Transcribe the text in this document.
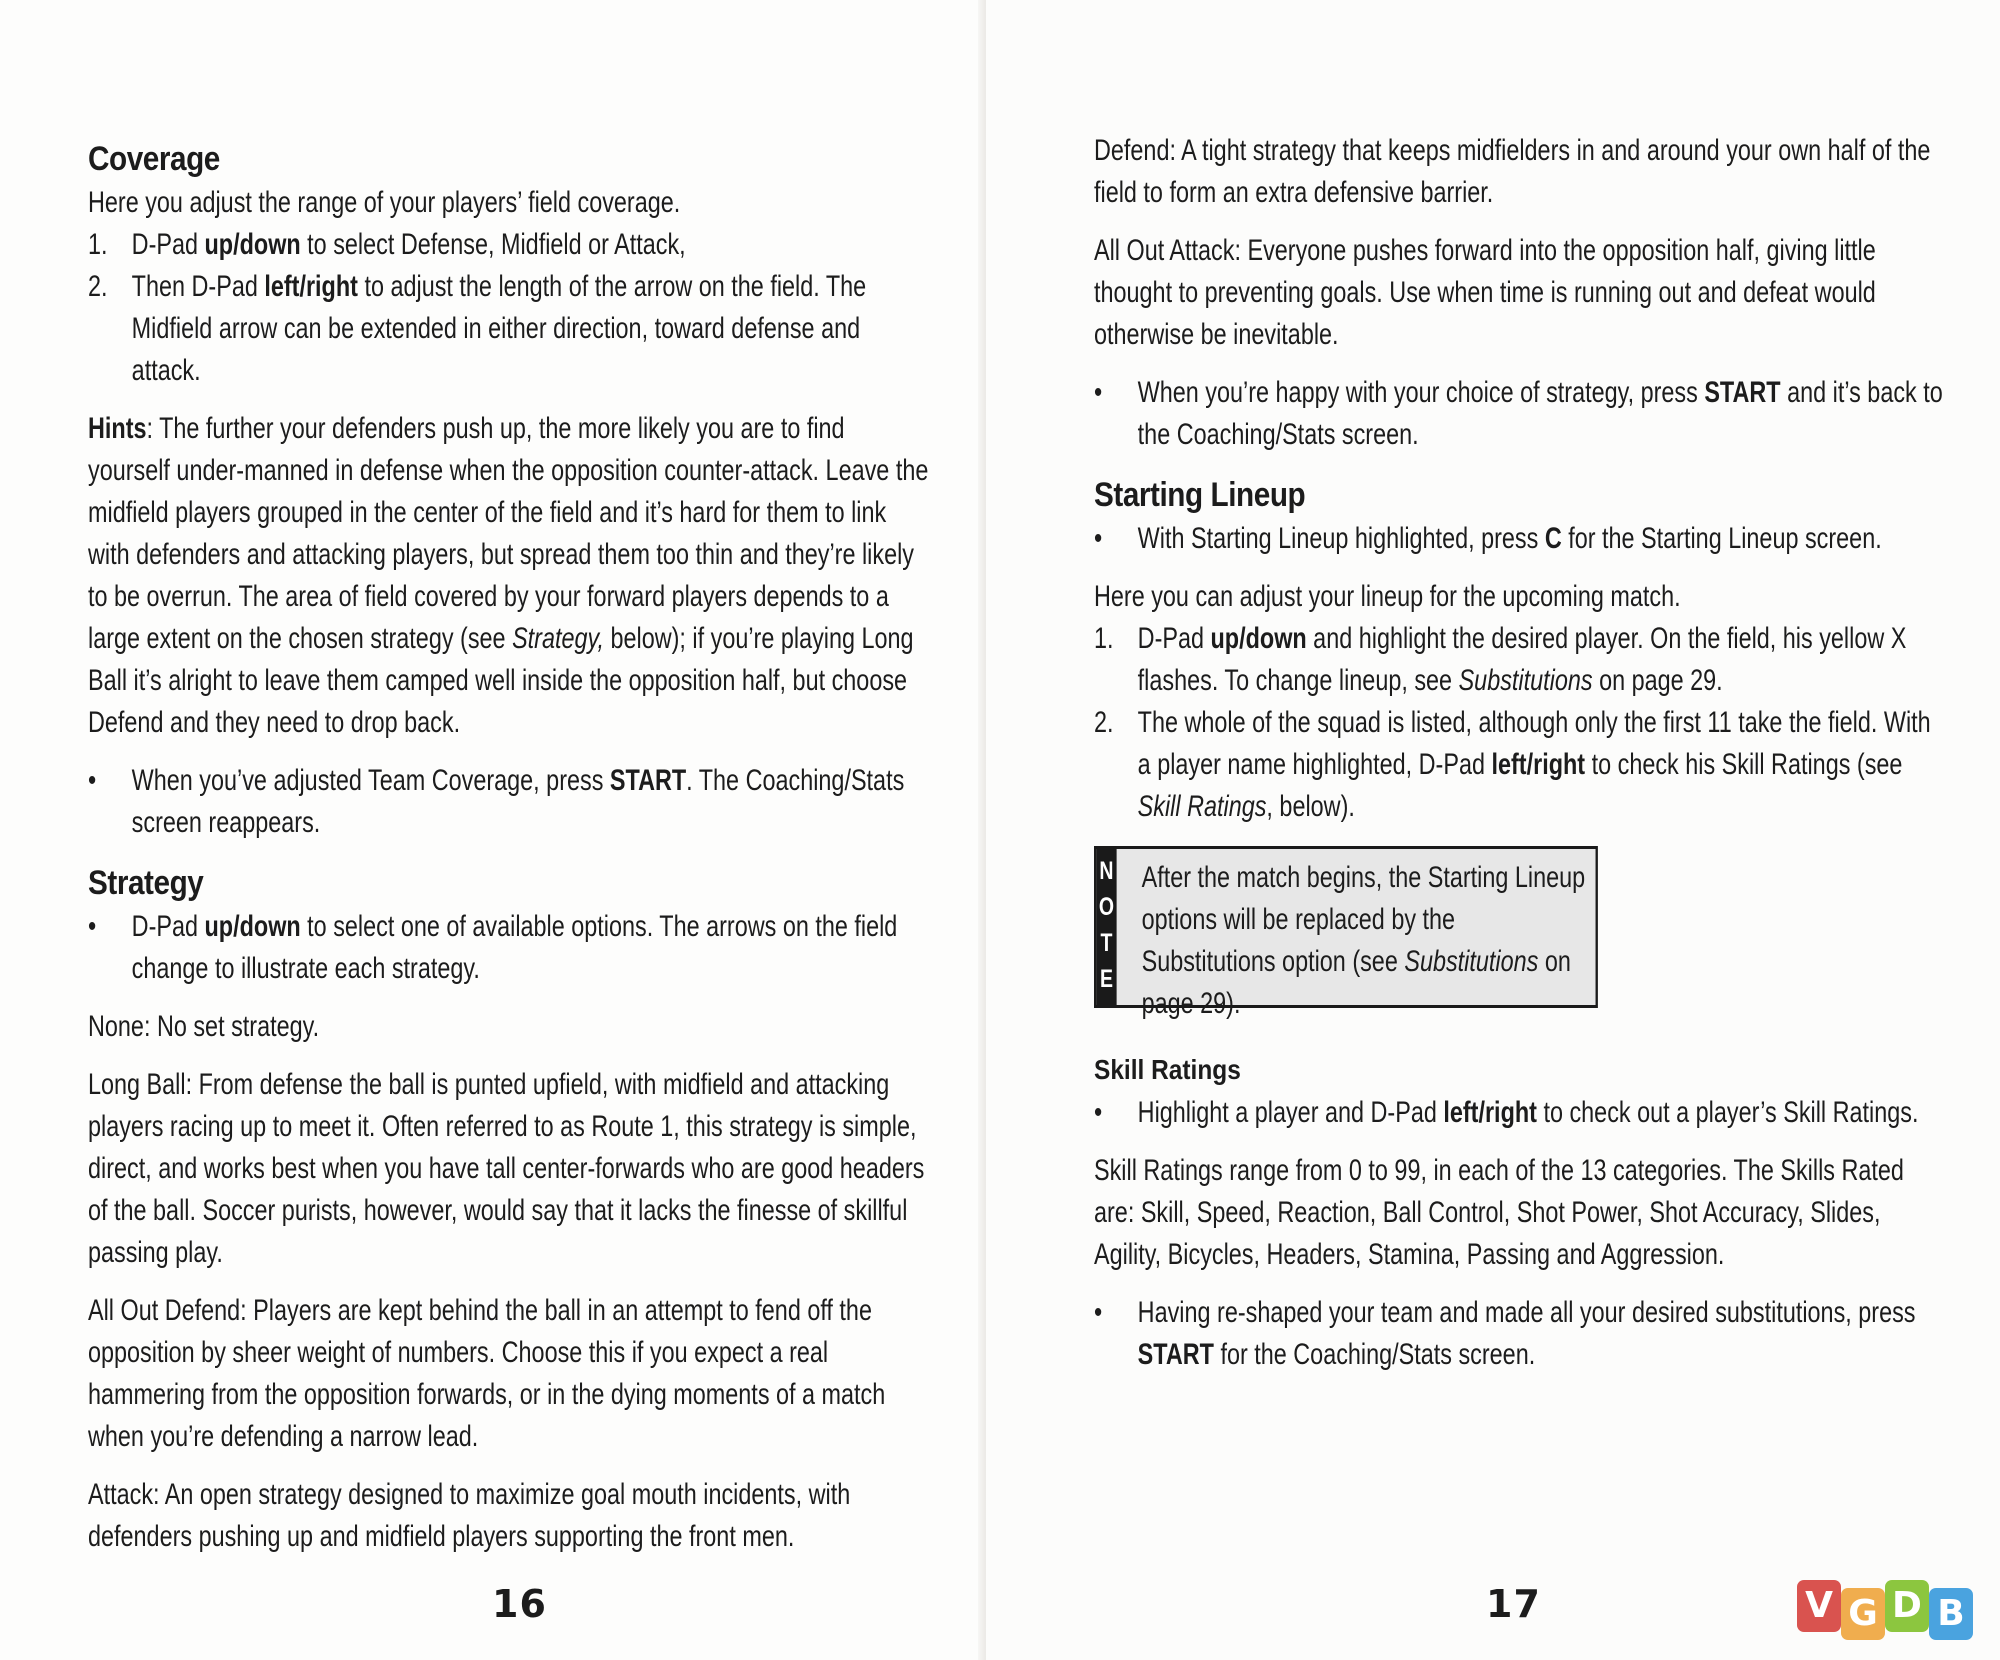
Coverage

Here you adjust the range of your players’ field coverage.

1. D-Pad up/down to select Defense, Midfield or Attack,
2. Then D-Pad left/right to adjust the length of the arrow on the field. The Midfield arrow can be extended in either direction, toward defense and attack.

Hints: The further your defenders push up, the more likely you are to find yourself under-manned in defense when the opposition counter-attack. Leave the midfield players grouped in the center of the field and it’s hard for them to link with defenders and attacking players, but spread them too thin and they’re likely to be overrun. The area of field covered by your forward players depends to a large extent on the chosen strategy (see Strategy, below); if you’re playing Long Ball it’s alright to leave them camped well inside the opposition half, but choose Defend and they need to drop back.

• When you’ve adjusted Team Coverage, press START. The Coaching/Stats screen reappears.
Strategy
• D-Pad up/down to select one of available options. The arrows on the field change to illustrate each strategy.

None: No set strategy.

Long Ball: From defense the ball is punted upfield, with midfield and attacking players racing up to meet it. Often referred to as Route 1, this strategy is simple, direct, and works best when you have tall center-forwards who are good headers of the ball. Soccer purists, however, would say that it lacks the finesse of skillful passing play.

All Out Defend: Players are kept behind the ball in an attempt to fend off the opposition by sheer weight of numbers. Choose this if you expect a real hammering from the opposition forwards, or in the dying moments of a match when you’re defending a narrow lead.

Attack: An open strategy designed to maximize goal mouth incidents, with defenders pushing up and midfield players supporting the front men.

16

Defend: A tight strategy that keeps midfielders in and around your own half of the field to form an extra defensive barrier.

All Out Attack: Everyone pushes forward into the opposition half, giving little thought to preventing goals. Use when time is running out and defeat would otherwise be inevitable.

• When you’re happy with your choice of strategy, press START and it’s back to the Coaching/Stats screen.
Starting Lineup
• With Starting Lineup highlighted, press C for the Starting Lineup screen.

Here you can adjust your lineup for the upcoming match.

1. D-Pad up/down and highlight the desired player. On the field, his yellow X flashes. To change lineup, see Substitutions on page 29.
2. The whole of the squad is listed, although only the first 11 take the field. With a player name highlighted, D-Pad left/right to check his Skill Ratings (see Skill Ratings, below).
N
O
T
E
After the match begins, the Starting Lineup options will be replaced by the Substitutions option (see Substitutions on page 29).
Skill Ratings
• Highlight a player and D-Pad left/right to check out a player’s Skill Ratings.

Skill Ratings range from 0 to 99, in each of the 13 categories. The Skills Rated are: Skill, Speed, Reaction, Ball Control, Shot Power, Shot Accuracy, Slides, Agility, Bicycles, Headers, Stamina, Passing and Aggression.

• Having re-shaped your team and made all your desired substitutions, press START for the Coaching/Stats screen.
17	V G D B
